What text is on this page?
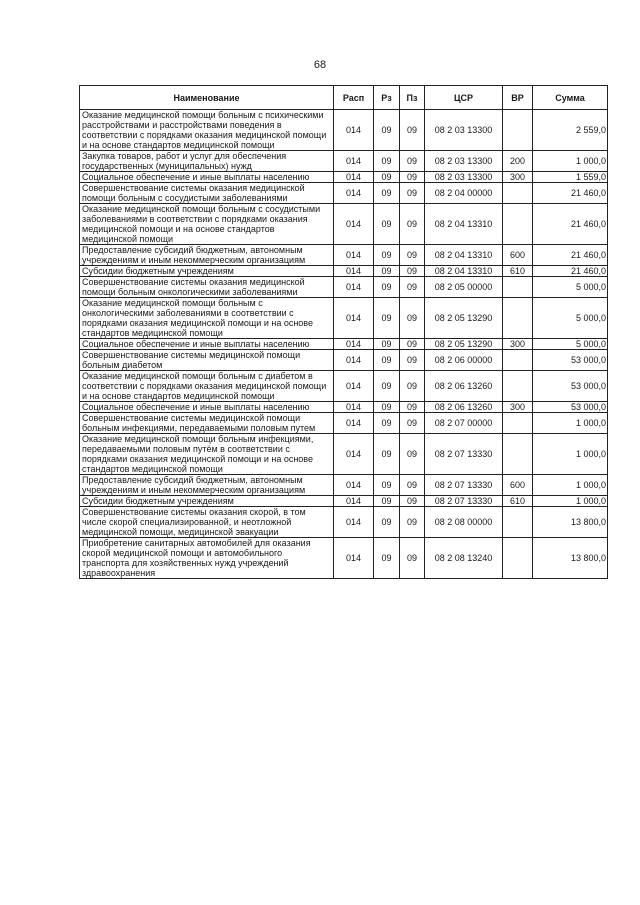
68
Наименование	Расп	Рз	Пз	ЦСР	ВР	Сумма
Оказание медицинской помощи больным с психическими расстройствами и расстройствами поведения в соответствии с порядками оказания медицинской помощи и на основе стандартов медицинской помощи	014	09	09	08 2 03 13300		2 559,0
Закупка товаров, работ и услуг для обеспечения государственных (муниципальных) нужд	014	09	09	08 2 03 13300	200	1 000,0
Социальное обеспечение и иные выплаты населению	014	09	09	08 2 03 13300	300	1 559,0
Совершенствование системы оказания медицинской помощи больным с сосудистыми заболеваниями	014	09	09	08 2 04 00000		21 460,0
Оказание медицинской помощи больным с сосудистыми заболеваниями в соответствии с порядками оказания медицинской помощи и на основе стандартов медицинской помощи	014	09	09	08 2 04 13310		21 460,0
Предоставление субсидий бюджетным, автономным учреждениям и иным некоммерческим организациям	014	09	09	08 2 04 13310	600	21 460,0
Субсидии бюджетным учреждениям	014	09	09	08 2 04 13310	610	21 460,0
Совершенствование системы оказания медицинской помощи больным онкологическими заболеваниями	014	09	09	08 2 05 00000		5 000,0
Оказание медицинской помощи больным с онкологическими заболеваниями в соответствии с порядками оказания медицинской помощи и на основе стандартов медицинской помощи	014	09	09	08 2 05 13290		5 000,0
Социальное обеспечение и иные выплаты населению	014	09	09	08 2 05 13290	300	5 000,0
Совершенствование системы медицинской помощи больным диабетом	014	09	09	08 2 06 00000		53 000,0
Оказание медицинской помощи больным с диабетом в соответствии с порядками оказания медицинской помощи и на основе стандартов медицинской помощи	014	09	09	08 2 06 13260		53 000,0
Социальное обеспечение и иные выплаты населению	014	09	09	08 2 06 13260	300	53 000,0
Совершенствование системы медицинской помощи больным инфекциями, передаваемыми половым путем	014	09	09	08 2 07 00000		1 000,0
Оказание медицинской помощи больным инфекциями, передаваемыми половым путём в соответствии с порядками оказания медицинской помощи и на основе стандартов медицинской помощи	014	09	09	08 2 07 13330		1 000,0
Предоставление субсидий бюджетным, автономным учреждениям и иным некоммерческим организациям	014	09	09	08 2 07 13330	600	1 000,0
Субсидии бюджетным учреждениям	014	09	09	08 2 07 13330	610	1 000,0
Совершенствование системы оказания скорой, в том числе скорой специализированной, и неотложной медицинской помощи, медицинской эвакуации	014	09	09	08 2 08 00000		13 800,0
Приобретение санитарных автомобилей для оказания скорой медицинской помощи и автомобильного транспорта для хозяйственных нужд учреждений здравоохранения	014	09	09	08 2 08 13240		13 800,0
